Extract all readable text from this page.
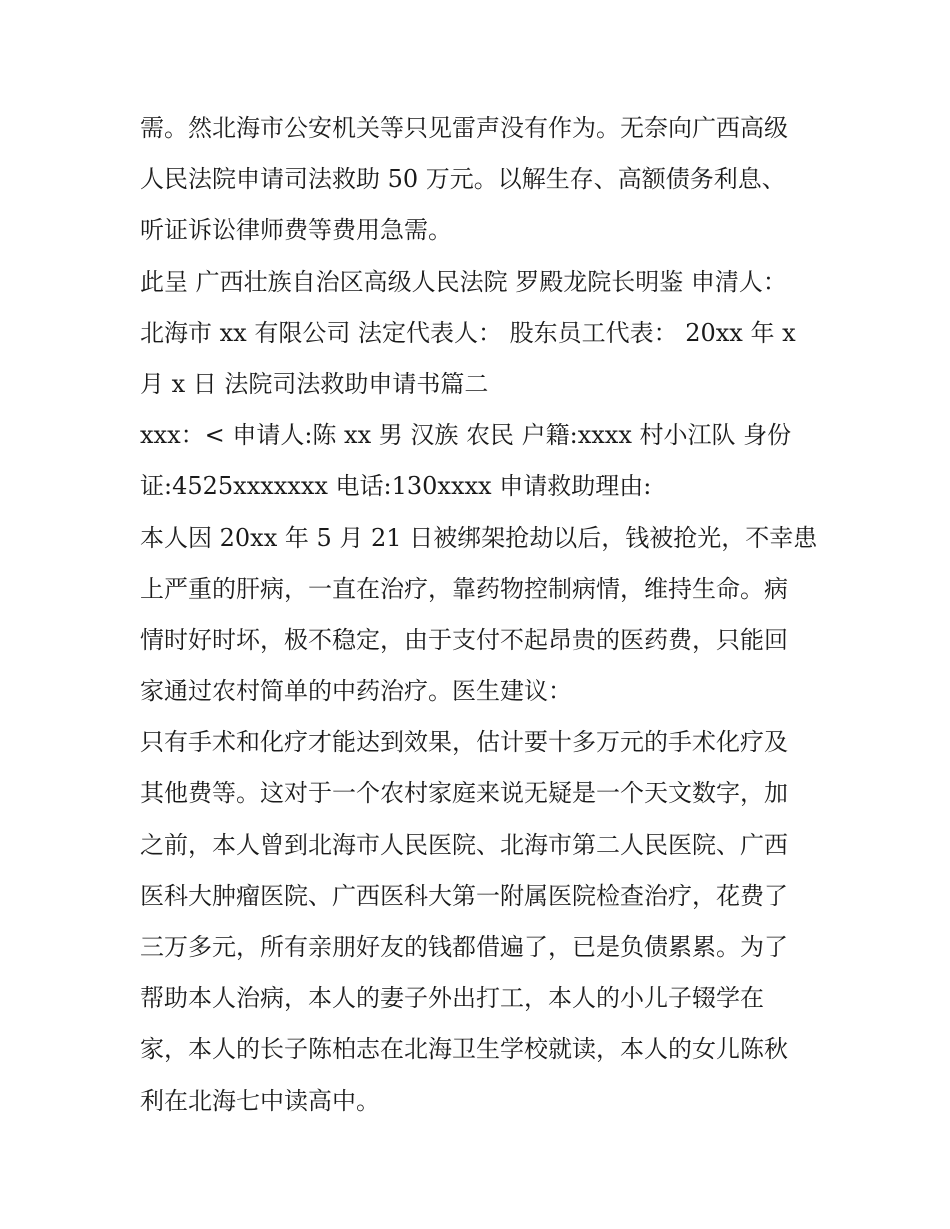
需。然北海市公安机关等只见雷声没有作为。无奈向广西高级
人民法院申请司法救助 50 万元。以解生存、高额债务利息、
听证诉讼律师费等费用急需。
此呈 广西壮族自治区高级人民法院 罗殿龙院长明鉴 申清人：
北海市 xx 有限公司 法定代表人： 股东员工代表： 20xx 年 x
月 x 日 法院司法救助申请书篇二
xxx：< 申请人:陈 xx 男 汉族 农民 户籍:xxxx 村小江队 身份
证:4525xxxxxxx 电话:130xxxx 申请救助理由:
本人因 20xx 年 5 月 21 日被绑架抢劫以后，钱被抢光，不幸患
上严重的肝病，一直在治疗，靠药物控制病情，维持生命。病
情时好时坏，极不稳定，由于支付不起昂贵的医药费，只能回
家通过农村简单的中药治疗。医生建议：
只有手术和化疗才能达到效果，估计要十多万元的手术化疗及
其他费等。这对于一个农村家庭来说无疑是一个天文数字，加
之前，本人曾到北海市人民医院、北海市第二人民医院、广西
医科大肿瘤医院、广西医科大第一附属医院检查治疗，花费了
三万多元，所有亲朋好友的钱都借遍了，已是负债累累。为了
帮助本人治病，本人的妻子外出打工，本人的小儿子辍学在
家，本人的长子陈柏志在北海卫生学校就读，本人的女儿陈秋
利在北海七中读高中。
